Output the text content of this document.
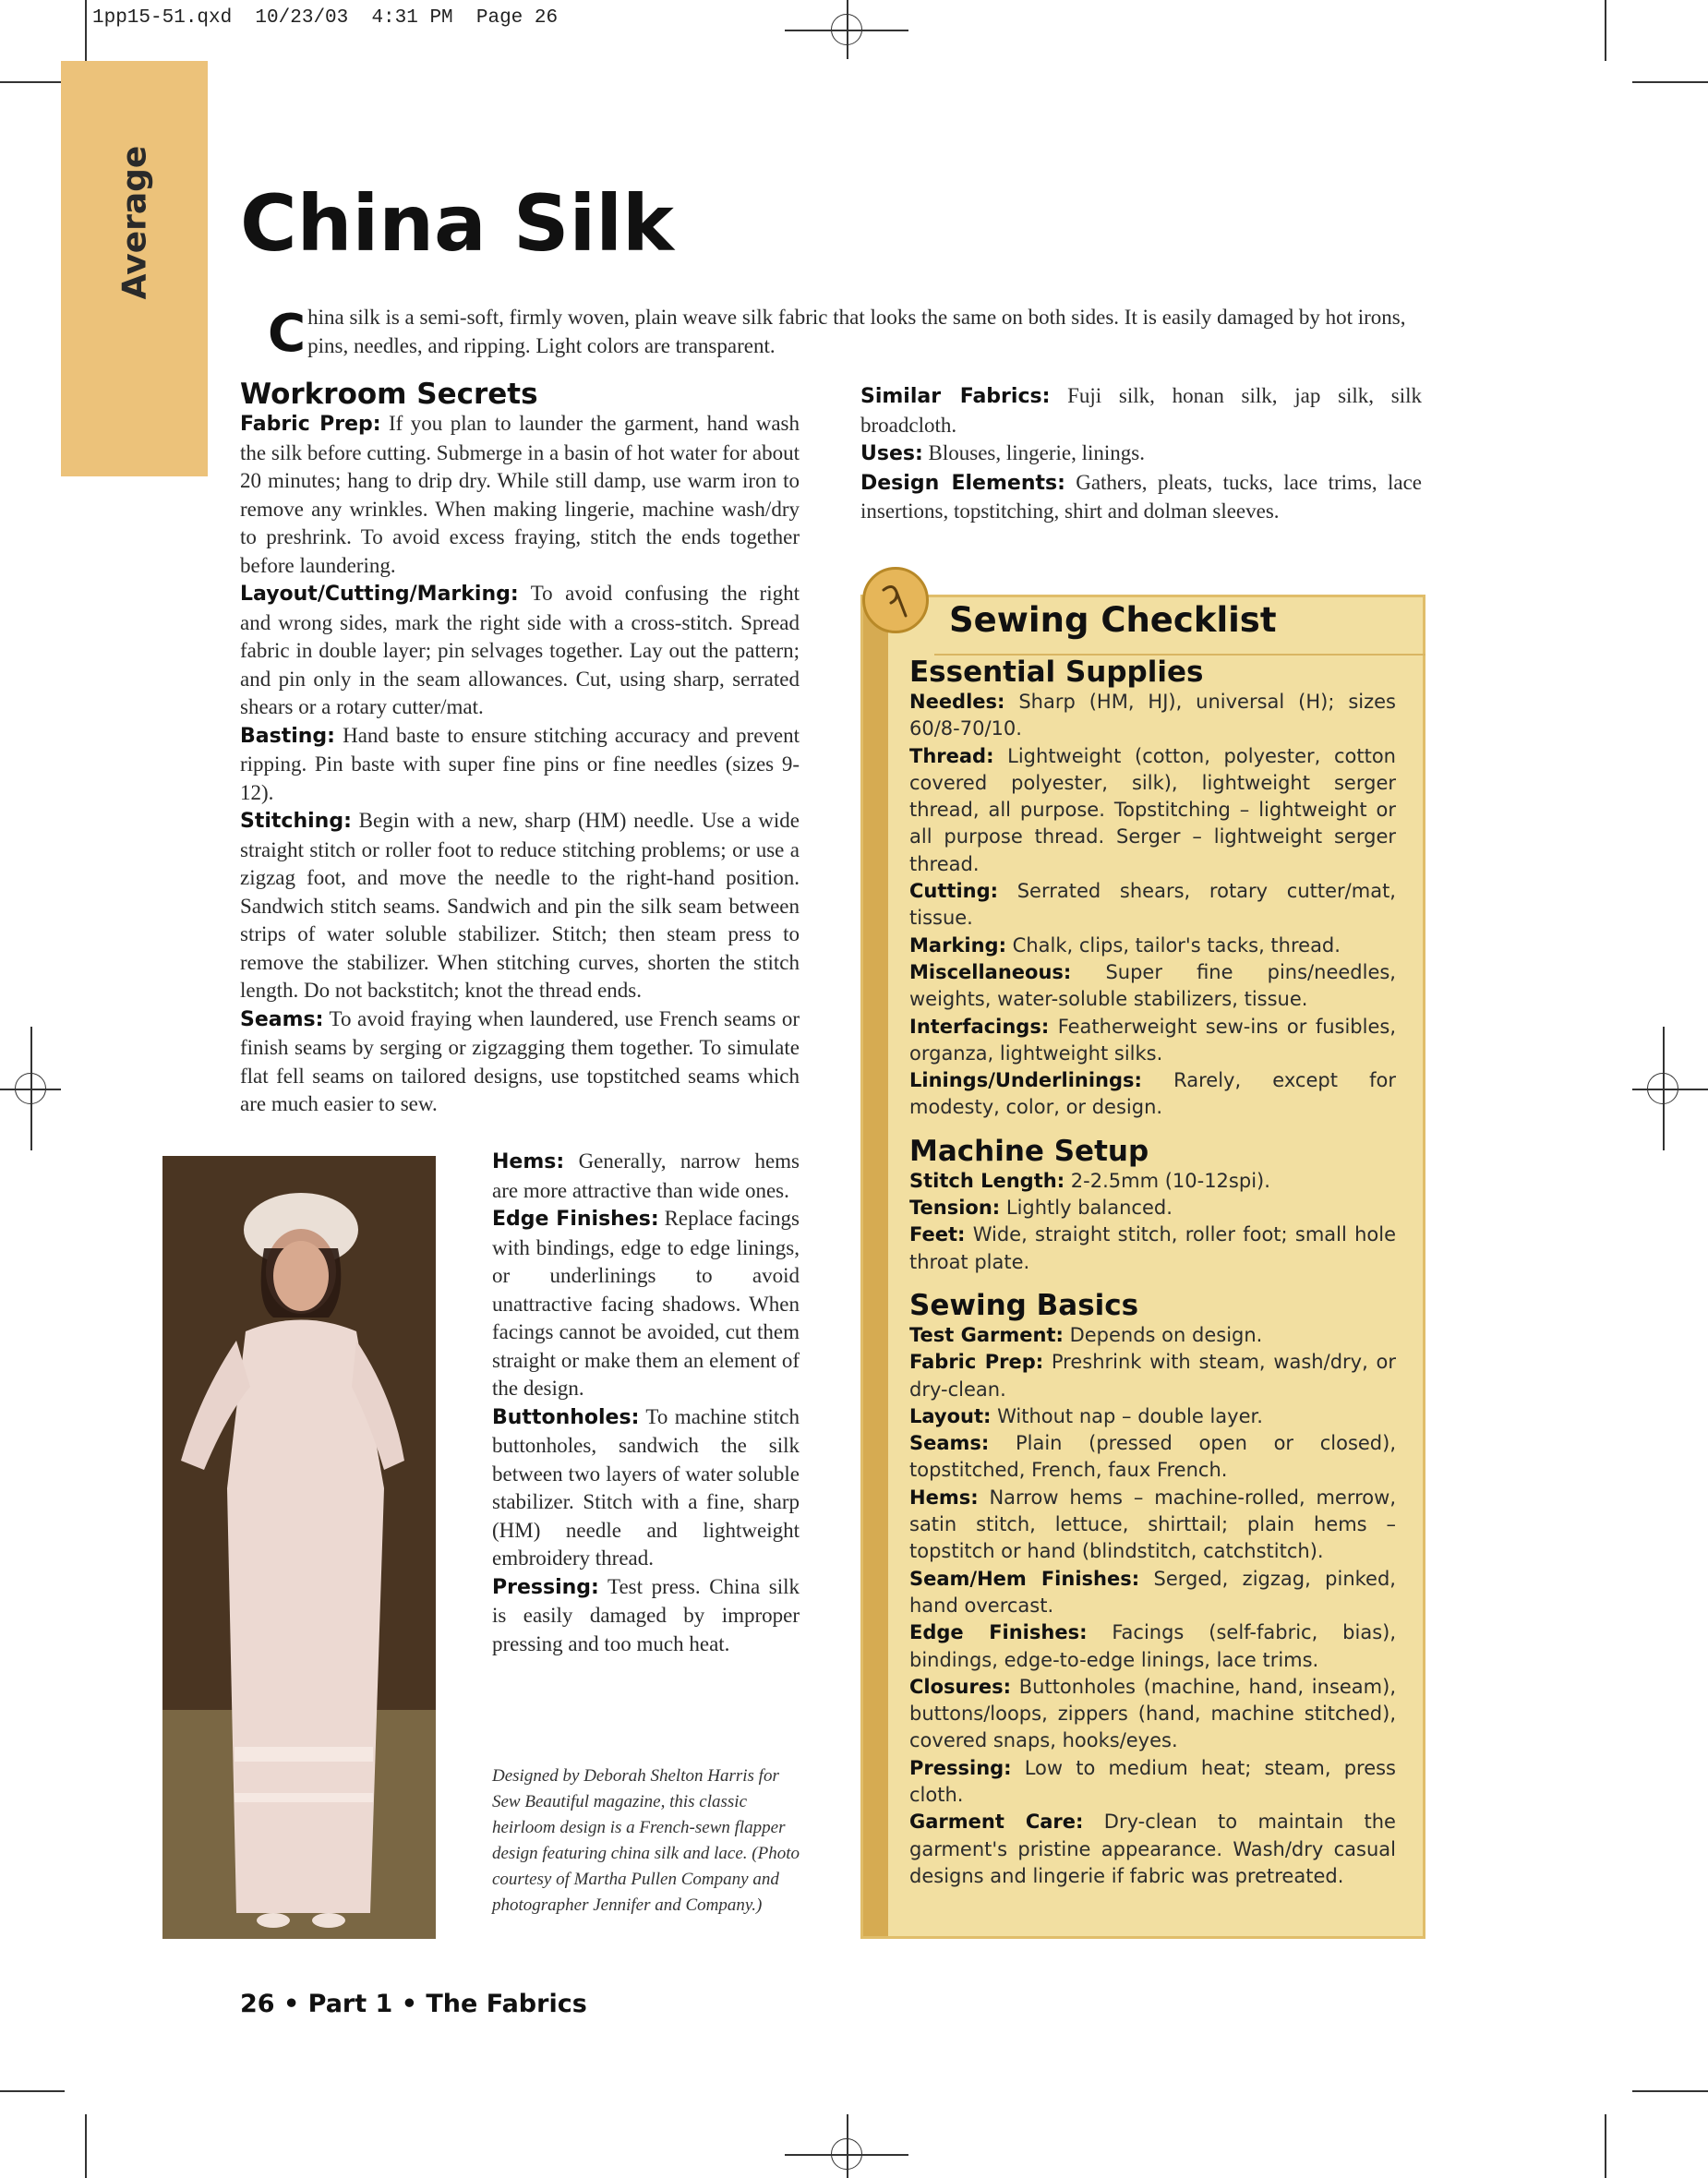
1pp15-51.qxd  10/23/03  4:31 PM  Page 26
Average China Silk
China silk is a semi-soft, firmly woven, plain weave silk fabric that looks the same on both sides. It is easily damaged by hot irons, pins, needles, and ripping. Light colors are transparent.
Workroom Secrets

Fabric Prep: If you plan to launder the garment, hand wash the silk before cutting. Submerge in a basin of hot water for about 20 minutes; hang to drip dry. While still damp, use warm iron to remove any wrinkles. When making lingerie, machine wash/dry to preshrink. To avoid excess fraying, stitch the ends together before laundering.

Layout/Cutting/Marking: To avoid confusing the right and wrong sides, mark the right side with a cross-stitch. Spread fabric in double layer; pin selvages together. Lay out the pattern; and pin only in the seam allowances. Cut, using sharp, serrated shears or a rotary cutter/mat.

Basting: Hand baste to ensure stitching accuracy and prevent ripping. Pin baste with super fine pins or fine needles (sizes 9-12).

Stitching: Begin with a new, sharp (HM) needle. Use a wide straight stitch or roller foot to reduce stitching problems; or use a zigzag foot, and move the needle to the right-hand position. Sandwich stitch seams. Sandwich and pin the silk seam between strips of water soluble stabilizer. Stitch; then steam press to remove the stabilizer. When stitching curves, shorten the stitch length. Do not backstitch; knot the thread ends.

Seams: To avoid fraying when laundered, use French seams or finish seams by serging or zigzagging them together. To simulate flat fell seams on tailored designs, use topstitched seams which are much easier to sew.

Hems: Generally, narrow hems are more attractive than wide ones.

Edge Finishes: Replace facings with bindings, edge to edge linings, or underlinings to avoid unattractive facing shadows. When facings cannot be avoided, cut them straight or make them an element of the design.

Buttonholes: To machine stitch buttonholes, sandwich the silk between two layers of water soluble stabilizer. Stitch with a fine, sharp (HM) needle and lightweight embroidery thread.

Pressing: Test press. China silk is easily damaged by improper pressing and too much heat.

Designed by Deborah Shelton Harris for Sew Beautiful magazine, this classic heirloom design is a French-sewn flapper design featuring china silk and lace. (Photo courtesy of Martha Pullen Company and photographer Jennifer and Company.)

Similar Fabrics: Fuji silk, honan silk, jap silk, silk broadcloth.

Uses: Blouses, lingerie, linings.

Design Elements: Gathers, pleats, tucks, lace trims, lace insertions, topstitching, shirt and dolman sleeves.

Sewing Checklist
Essential Supplies

Needles: Sharp (HM, HJ), universal (H); sizes 60/8-70/10.

Thread: Lightweight (cotton, polyester, cotton covered polyester, silk), lightweight serger thread, all purpose. Topstitching – lightweight or all purpose thread. Serger – lightweight serger thread.

Cutting: Serrated shears, rotary cutter/mat, tissue.

Marking: Chalk, clips, tailor's tacks, thread.

Miscellaneous: Super fine pins/needles, weights, water-soluble stabilizers, tissue.

Interfacings: Featherweight sew-ins or fusibles, organza, lightweight silks.

Linings/Underlinings: Rarely, except for modesty, color, or design.

Machine Setup

Stitch Length: 2-2.5mm (10-12spi).

Tension: Lightly balanced.

Feet: Wide, straight stitch, roller foot; small hole throat plate.

Sewing Basics

Test Garment: Depends on design.

Fabric Prep: Preshrink with steam, wash/dry, or dry-clean.

Layout: Without nap – double layer.

Seams: Plain (pressed open or closed), topstitched, French, faux French.

Hems: Narrow hems – machine-rolled, merrow, satin stitch, lettuce, shirttail; plain hems – topstitch or hand (blindstitch, catchstitch).

Seam/Hem Finishes: Serged, zigzag, pinked, hand overcast.

Edge Finishes: Facings (self-fabric, bias), bindings, edge-to-edge linings, lace trims.

Closures: Buttonholes (machine, hand, inseam), buttons/loops, zippers (hand, machine stitched), covered snaps, hooks/eyes.

Pressing: Low to medium heat; steam, press cloth.

Garment Care: Dry-clean to maintain the garment's pristine appearance. Wash/dry casual designs and lingerie if fabric was pretreated.

26 • Part 1 • The Fabrics
